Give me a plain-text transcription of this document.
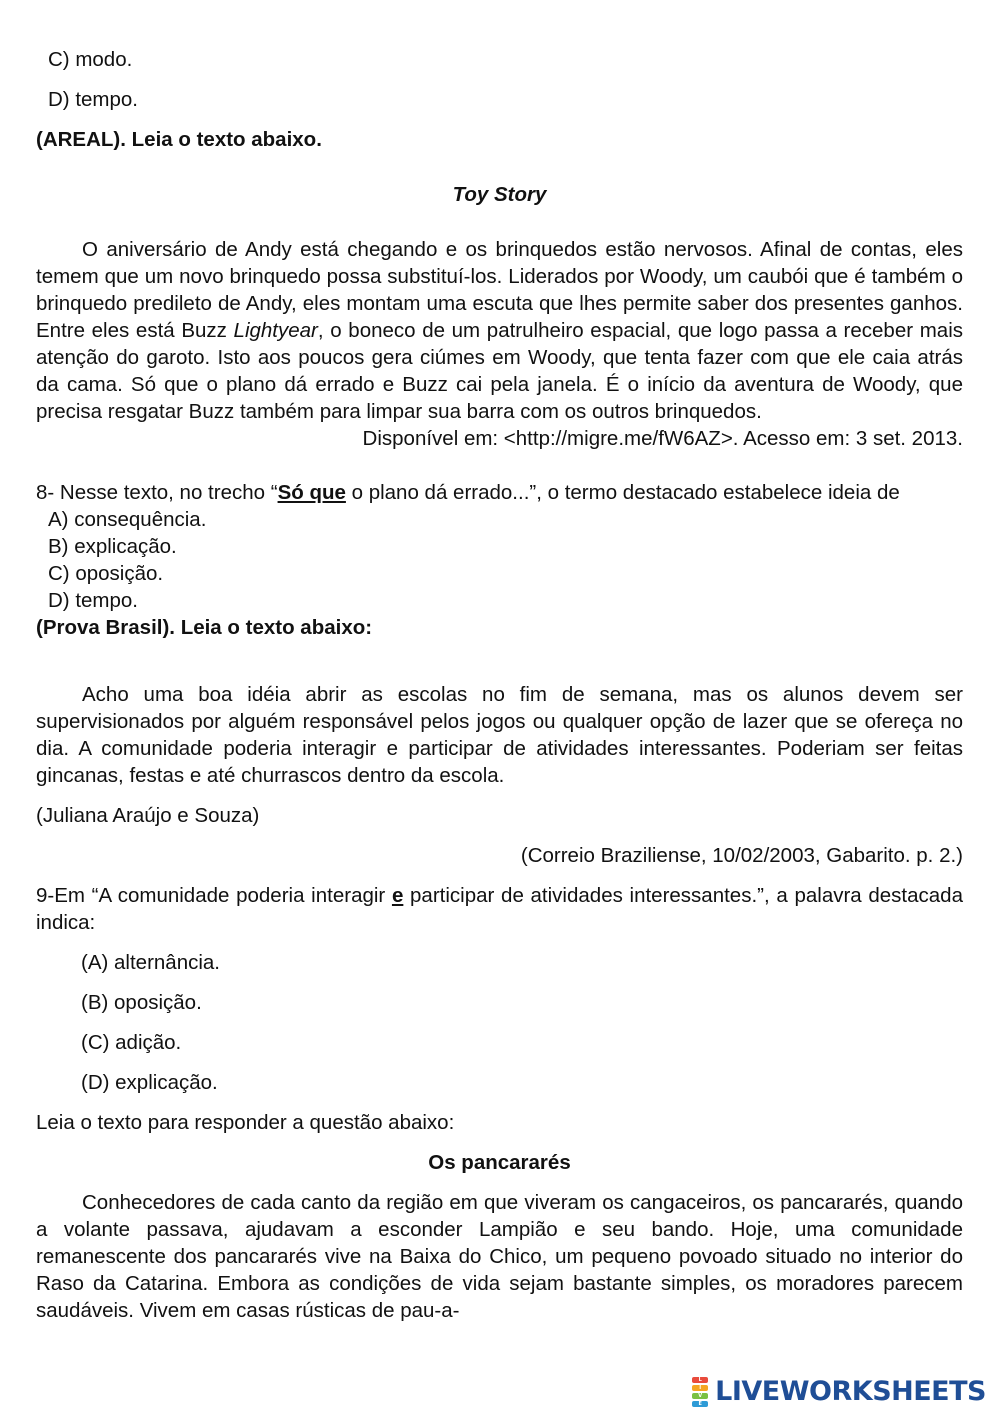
C) modo.
D) tempo.
(AREAL). Leia o texto abaixo.
Toy Story
O aniversário de Andy está chegando e os brinquedos estão nervosos. Afinal de contas, eles temem que um novo brinquedo possa substituí-los. Liderados por Woody, um caubói que é também o brinquedo predileto de Andy, eles montam uma escuta que lhes permite saber dos presentes ganhos. Entre eles está Buzz Lightyear, o boneco de um patrulheiro espacial, que logo passa a receber mais atenção do garoto. Isto aos poucos gera ciúmes em Woody, que tenta fazer com que ele caia atrás da cama. Só que o plano dá errado e Buzz cai pela janela. É o início da aventura de Woody, que precisa resgatar Buzz também para limpar sua barra com os outros brinquedos.
Disponível em: <http://migre.me/fW6AZ>. Acesso em: 3 set. 2013.
8- Nesse texto, no trecho “Só que o plano dá errado...”, o termo destacado estabelece ideia de
A) consequência.
B) explicação.
C) oposição.
D) tempo.
(Prova Brasil). Leia o texto abaixo:
Acho uma boa idéia abrir as escolas no fim de semana, mas os alunos devem ser supervisionados por alguém responsável pelos jogos ou qualquer opção de lazer que se ofereça no dia. A comunidade poderia interagir e participar de atividades interessantes. Poderiam ser feitas gincanas, festas e até churrascos dentro da escola.
(Juliana Araújo e Souza)
(Correio Braziliense, 10/02/2003, Gabarito. p. 2.)
9-Em “A comunidade poderia interagir e participar de atividades interessantes.”, a palavra destacada indica:
(A) alternância.
(B) oposição.
(C) adição.
(D) explicação.
Leia o texto para responder a questão abaixo:
Os pancararés
Conhecedores de cada canto da região em que viveram os cangaceiros, os pancararés, quando a volante passava, ajudavam a esconder Lampião e seu bando. Hoje, uma comunidade remanescente dos pancararés vive na Baixa do Chico, um pequeno povoado situado no interior do Raso da Catarina. Embora as condições de vida sejam bastante simples, os moradores parecem saudáveis. Vivem em casas rústicas de pau-a-
L
I
V
E LIVEWORKSHEETS
